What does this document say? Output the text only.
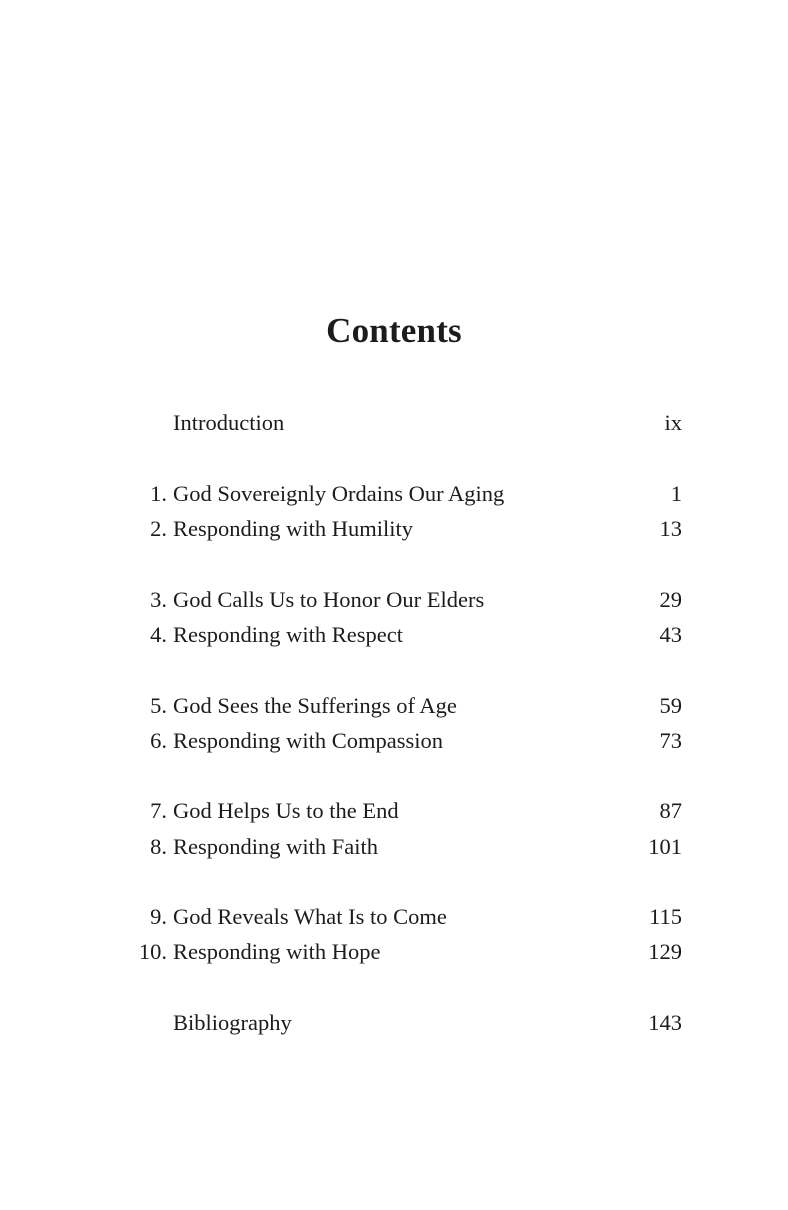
Contents
Introduction	ix
1. God Sovereignly Ordains Our Aging	1
2. Responding with Humility	13
3. God Calls Us to Honor Our Elders	29
4. Responding with Respect	43
5. God Sees the Sufferings of Age	59
6. Responding with Compassion	73
7. God Helps Us to the End	87
8. Responding with Faith	101
9. God Reveals What Is to Come	115
10. Responding with Hope	129
Bibliography	143
